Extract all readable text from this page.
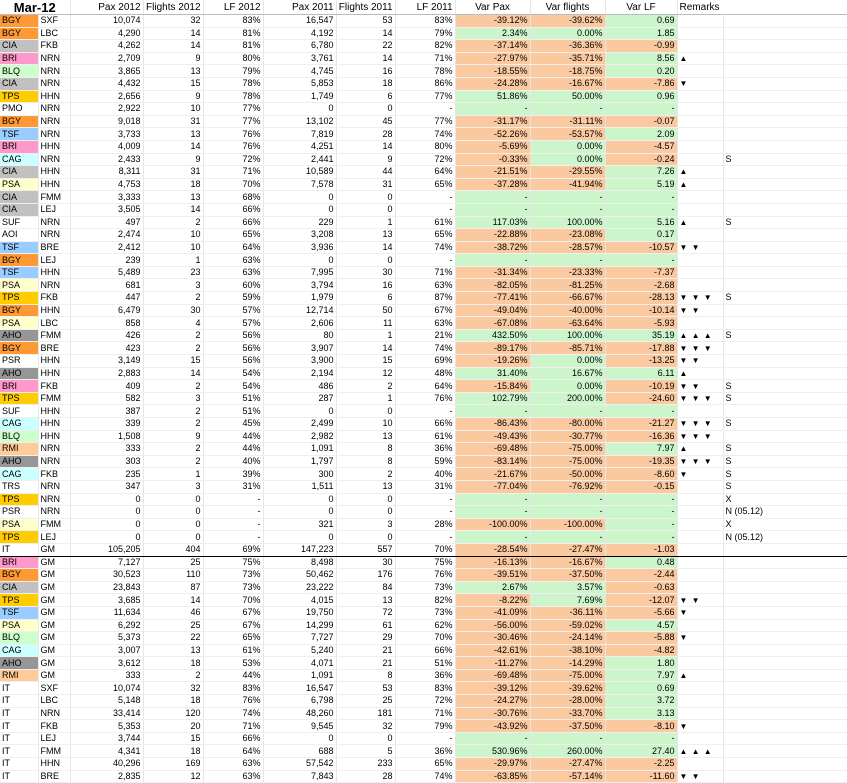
Mar-12		Pax 2012	Flights 2012	LF 2012	Pax 2011	Flights 2011	LF 2011	Var Pax	Var flights	Var LF	Remarks	
BGY	SXF	10,074	32	83%	16,547	53	83%	-39.12%	-39.62%	0.69		
BGY	LBC	4,290	14	81%	4,192	14	79%	2.34%	0.00%	1.85		
CIA	FKB	4,262	14	81%	6,780	22	82%	-37.14%	-36.36%	-0.99		
BRI	NRN	2,709	9	80%	3,761	14	71%	-27.97%	-35.71%	8.56	▲	
BLQ	NRN	3,865	13	79%	4,745	16	78%	-18.55%	-18.75%	0.20		
CIA	NRN	4,432	15	78%	5,853	18	86%	-24.28%	-16.67%	-7.86	▼	
TPS	HHN	2,656	9	78%	1,749	6	77%	51.86%	50.00%	0.96		
PMO	NRN	2,922	10	77%	0	0	-	-	-	-		
BGY	NRN	9,018	31	77%	13,102	45	77%	-31.17%	-31.11%	-0.07		
TSF	NRN	3,733	13	76%	7,819	28	74%	-52.26%	-53.57%	2.09		
BRI	HHN	4,009	14	76%	4,251	14	80%	-5.69%	0.00%	-4.57		
CAG	NRN	2,433	9	72%	2,441	9	72%	-0.33%	0.00%	-0.24		S
CIA	HHN	8,311	31	71%	10,589	44	64%	-21.51%	-29.55%	7.26	▲	
PSA	HHN	4,753	18	70%	7,578	31	65%	-37.28%	-41.94%	5.19	▲	
CIA	FMM	3,333	13	68%	0	0	-	-	-	-		
CIA	LEJ	3,505	14	66%	0	0	-	-	-	-		
SUF	NRN	497	2	66%	229	1	61%	117.03%	100.00%	5.16	▲	S
AOI	NRN	2,474	10	65%	3,208	13	65%	-22.88%	-23.08%	0.17		
TSF	BRE	2,412	10	64%	3,936	14	74%	-38.72%	-28.57%	-10.57	▼ ▼	
BGY	LEJ	239	1	63%	0	0	-	-	-	-		
TSF	HHN	5,489	23	63%	7,995	30	71%	-31.34%	-23.33%	-7.37		
PSA	NRN	681	3	60%	3,794	16	63%	-82.05%	-81.25%	-2.68		
TPS	FKB	447	2	59%	1,979	6	87%	-77.41%	-66.67%	-28.13	▼ ▼ ▼	S
BGY	HHN	6,479	30	57%	12,714	50	67%	-49.04%	-40.00%	-10.14	▼ ▼	
PSA	LBC	858	4	57%	2,606	11	63%	-67.08%	-63.64%	-5.93		
AHO	FMM	426	2	56%	80	1	21%	432.50%	100.00%	35.19	▲ ▲ ▲	S
BGY	BRE	423	2	56%	3,907	14	74%	-89.17%	-85.71%	-17.88	▼ ▼ ▼	
PSR	HHN	3,149	15	56%	3,900	15	69%	-19.26%	0.00%	-13.25	▼ ▼	
AHO	HHN	2,883	14	54%	2,194	12	48%	31.40%	16.67%	6.11	▲	
BRI	FKB	409	2	54%	486	2	64%	-15.84%	0.00%	-10.19	▼ ▼	S
TPS	FMM	582	3	51%	287	1	76%	102.79%	200.00%	-24.60	▼ ▼ ▼	S
SUF	HHN	387	2	51%	0	0	-	-	-	-		
CAG	HHN	339	2	45%	2,499	10	66%	-86.43%	-80.00%	-21.27	▼ ▼ ▼	S
BLQ	HHN	1,508	9	44%	2,982	13	61%	-49.43%	-30.77%	-16.36	▼ ▼ ▼	
RMI	NRN	333	2	44%	1,091	8	36%	-69.48%	-75.00%	7.97	▲	S
AHO	NRN	303	2	40%	1,797	8	59%	-83.14%	-75.00%	-19.35	▼ ▼ ▼	S
CAG	FKB	235	1	39%	300	2	40%	-21.67%	-50.00%	-8.60	▼	S
TRS	NRN	347	3	31%	1,511	13	31%	-77.04%	-76.92%	-0.15		S
TPS	NRN	0	0	-	0	0	-	-	-	-		X
PSR	NRN	0	0	-	0	0	-	-	-	-		N (05.12)
PSA	FMM	0	0	-	321	3	28%	-100.00%	-100.00%	-		X
TPS	LEJ	0	0	-	0	0	-	-	-	-		N (05.12)
IT	GM	105,205	404	69%	147,223	557	70%	-28.54%	-27.47%	-1.03		
BRI	GM	7,127	25	75%	8,498	30	75%	-16.13%	-16.67%	0.48		
BGY	GM	30,523	110	73%	50,462	176	76%	-39.51%	-37.50%	-2.44		
CIA	GM	23,843	87	73%	23,222	84	73%	2.67%	3.57%	-0.63		
TPS	GM	3,685	14	70%	4,015	13	82%	-8.22%	7.69%	-12.07	▼ ▼	
TSF	GM	11,634	46	67%	19,750	72	73%	-41.09%	-36.11%	-5.66	▼	
PSA	GM	6,292	25	67%	14,299	61	62%	-56.00%	-59.02%	4.57		
BLQ	GM	5,373	22	65%	7,727	29	70%	-30.46%	-24.14%	-5.88	▼	
CAG	GM	3,007	13	61%	5,240	21	66%	-42.61%	-38.10%	-4.82		
AHO	GM	3,612	18	53%	4,071	21	51%	-11.27%	-14.29%	1.80		
RMI	GM	333	2	44%	1,091	8	36%	-69.48%	-75.00%	7.97	▲	
IT	SXF	10,074	32	83%	16,547	53	83%	-39.12%	-39.62%	0.69		
IT	LBC	5,148	18	76%	6,798	25	72%	-24.27%	-28.00%	3.72		
IT	NRN	33,414	120	74%	48,260	181	71%	-30.76%	-33.70%	3.13		
IT	FKB	5,353	20	71%	9,545	32	79%	-43.92%	-37.50%	-8.10	▼	
IT	LEJ	3,744	15	66%	0	0	-	-	-	-		
IT	FMM	4,341	18	64%	688	5	36%	530.96%	260.00%	27.40	▲ ▲ ▲	
IT	HHN	40,296	169	63%	57,542	233	65%	-29.97%	-27.47%	-2.25		
IT	BRE	2,835	12	63%	7,843	28	74%	-63.85%	-57.14%	-11.60	▼ ▼	
